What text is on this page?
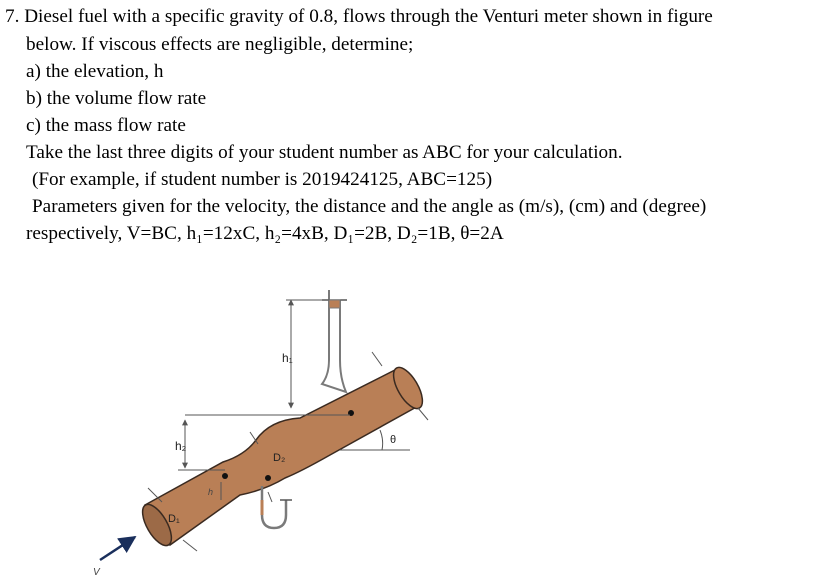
7. Diesel fuel with a specific gravity of 0.8, flows through the Venturi meter shown in figure
below. If viscous effects are negligible, determine;
a) the elevation, h
b) the volume flow rate
c) the mass flow rate
Take the last three digits of your student number as ABC for your calculation.
(For example, if student number is 2019424125, ABC=125)
Parameters given for the velocity, the distance and the angle as (m/s), (cm) and (degree)
respectively, V=BC, h₁=12xC, h₂=4xB, D₁=2B, D₂=1B, θ=2A
h₁
h₂
h
D₁
D₂
θ
V
